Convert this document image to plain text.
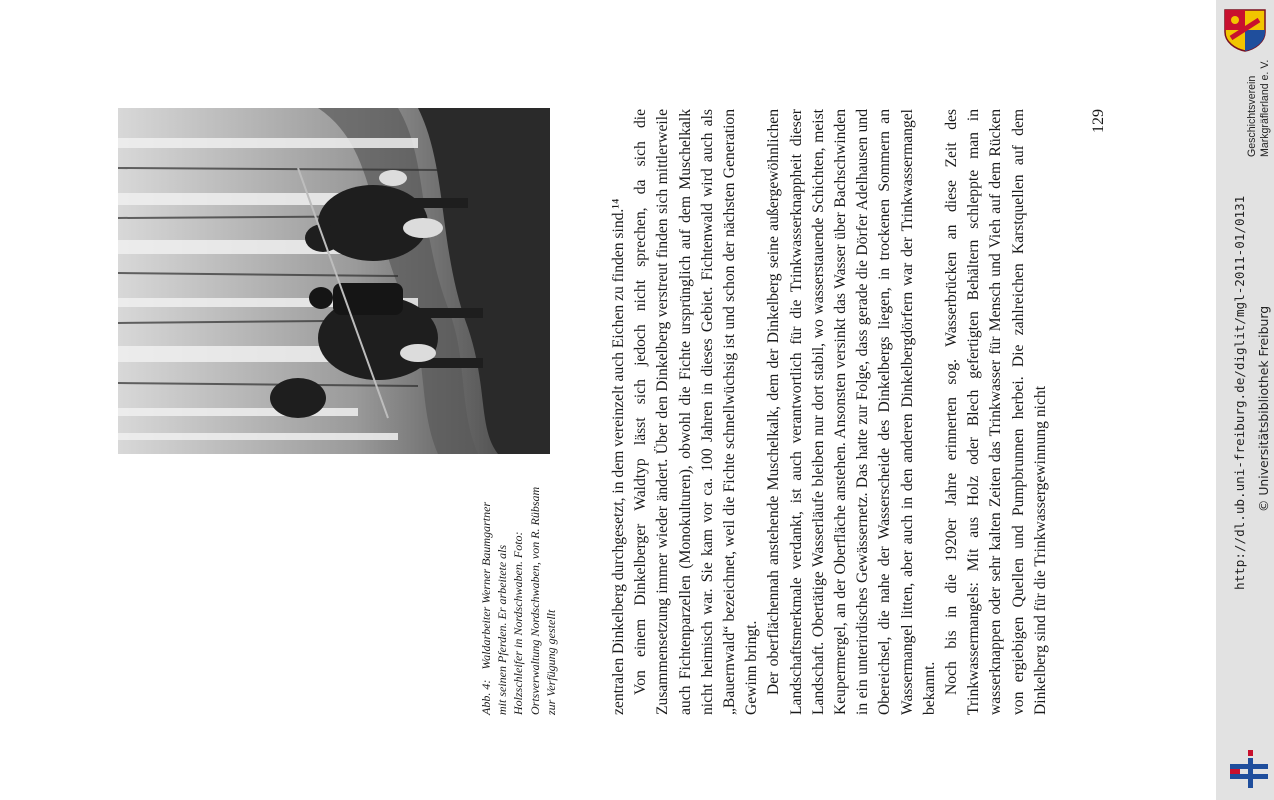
Abb. 4:Waldarbeiter Werner Baumgartner mit seinen Pferden. Er arbeitete als Holzschleifer in Nordschwaben. Foto: Ortsverwaltung Nordschwaben, von R. Rübsam zur Verfügung gestellt	zentralen Dinkelberg durchgesetzt, in dem vereinzelt auch Eichen zu finden sind.¹⁴ Von einem Dinkelberger Waldtyp lässt sich jedoch nicht sprechen, da sich die Zusammensetzung immer wieder ändert. Über den Dinkelberg verstreut finden sich mittlerweile auch Fichtenparzellen (Monokulturen), obwohl die Fichte ursprünglich auf dem Muschelkalk nicht heimisch war. Sie kam vor ca. 100 Jahren in dieses Gebiet. Fichtenwald wird auch als „Bauernwald“ bezeichnet, weil die Fichte schnellwüchsig ist und schon der nächsten Generation Gewinn bringt. Der oberflächennah anstehende Muschelkalk, dem der Dinkelberg seine außergewöhnlichen Landschaftsmerkmale verdankt, ist auch verantwortlich für die Trinkwasserknappheit dieser Landschaft. Obertätige Wasserläufe bleiben nur dort stabil, wo wasserstauende Schichten, meist Keupermergel, an der Oberfläche anstehen. Ansonsten versinkt das Wasser über Bachschwinden in ein unterirdisches Gewässernetz. Das hatte zur Folge, dass gerade die Dörfer Adelhausen und Obereichsel, die nahe der Wasserscheide des Dinkelbergs liegen, in trockenen Sommern an Wassermangel litten, aber auch in den anderen Dinkelbergdörfern war der Trinkwassermangel bekannt. Noch bis in die 1920er Jahre erinnerten sog. Wasserbrücken an diese Zeit des Trinkwassermangels: Mit aus Holz oder Blech gefertigten Behältern schleppte man in wasserknappen oder sehr kalten Zeiten das Trinkwasser für Mensch und Vieh auf dem Rücken von ergiebigen Quellen und Pumpbrunnen herbei. Die zahlreichen Karstquellen auf dem Dinkelberg sind für die Trinkwassergewinnung nicht

129	Geschichtsverein Markgräflerland e. V.
http://dl.ub.uni-freiburg.de/diglit/mgl-2011-01/0131 © Universitätsbibliothek Freiburg
